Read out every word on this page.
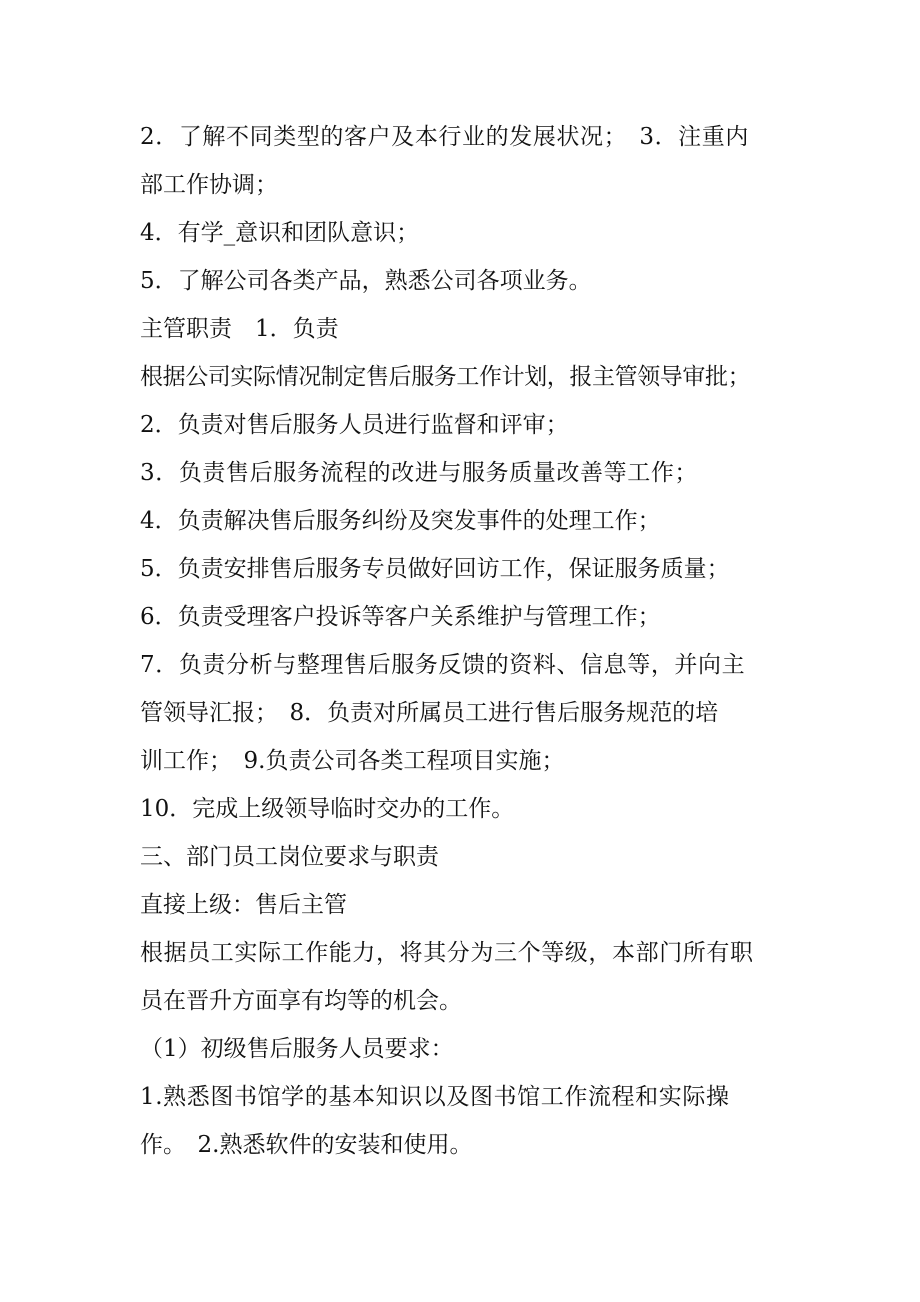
2．了解不同类型的客户及本行业的发展状况；　3．注重内
部工作协调；
4．有学_意识和团队意识；
5．了解公司各类产品，熟悉公司各项业务。
主管职责　1．负责
根据公司实际情况制定售后服务工作计划，报主管领导审批；
2．负责对售后服务人员进行监督和评审；
3．负责售后服务流程的改进与服务质量改善等工作；
4．负责解决售后服务纠纷及突发事件的处理工作；
5．负责安排售后服务专员做好回访工作，保证服务质量；
6．负责受理客户投诉等客户关系维护与管理工作；
7．负责分析与整理售后服务反馈的资料、信息等，并向主
管领导汇报；　8．负责对所属员工进行售后服务规范的培
训工作；　9.负责公司各类工程项目实施；
10．完成上级领导临时交办的工作。
三、部门员工岗位要求与职责
直接上级：售后主管
根据员工实际工作能力，将其分为三个等级，本部门所有职
员在晋升方面享有均等的机会。
（1）初级售后服务人员要求：
1.熟悉图书馆学的基本知识以及图书馆工作流程和实际操
作。　2.熟悉软件的安装和使用。
